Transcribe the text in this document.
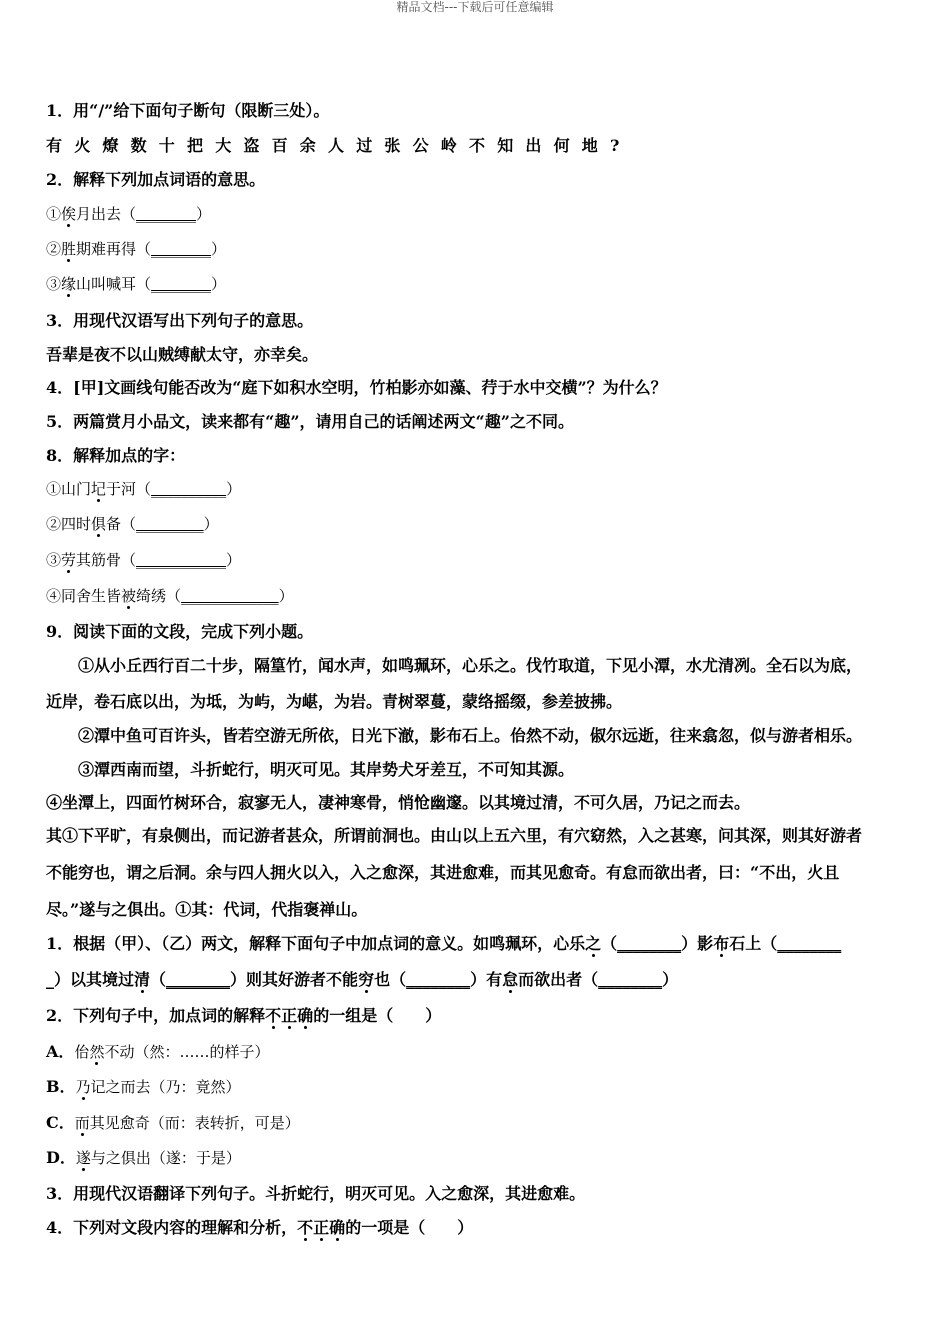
精品文档---下载后可任意编辑
1．用“/”给下面句子断句（限断三处）。
有火燎数十把大盗百余人过张公岭不知出何地?
2．解释下列加点词语的意思。
①俟月出去（________）
②胜期难再得（________）
③缘山叫喊耳（________）
3．用现代汉语写出下列句子的意思。
吾辈是夜不以山贼缚献太守，亦幸矣。
4．[甲]文画线句能否改为“庭下如积水空明，竹柏影亦如藻、荇于水中交横”？为什么？
5．两篇赏月小品文，读来都有“趣”，请用自己的话阐述两文“趣”之不同。
8．解释加点的字：
①山门圮于河（__________）
②四时俱备（_________）
③劳其筋骨（____________）
④同舍生皆被绮绣（_____________）
9．阅读下面的文段，完成下列小题。
①从小丘西行百二十步，隔篁竹，闻水声，如鸣珮环，心乐之。伐竹取道，下见小潭，水尤清冽。全石以为底，
近岸，卷石底以出，为坻，为屿，为嵁，为岩。青树翠蔓，蒙络摇缀，参差披拂。
②潭中鱼可百许头，皆若空游无所依，日光下澈，影布石上。佁然不动，俶尔远逝，往来翕忽，似与游者相乐。
③潭西南而望，斗折蛇行，明灭可见。其岸势犬牙差互，不可知其源。
④坐潭上，四面竹树环合，寂寥无人，凄神寒骨，悄怆幽邃。以其境过清，不可久居，乃记之而去。
其①下平旷，有泉侧出，而记游者甚众，所谓前洞也。由山以上五六里，有穴窈然，入之甚寒，问其深，则其好游者
不能穷也，谓之后洞。余与四人拥火以入，入之愈深，其进愈难，而其见愈奇。有怠而欲出者，曰：“不出，火且
尽。”遂与之俱出。①其：代词，代指褒禅山。
1．根据（甲）、（乙）两文，解释下面句子中加点词的意义。如鸣珮环，心乐之（________）影布石上（________
_）以其境过清（________）则其好游者不能穷也（________）有怠而欲出者（________）
2．下列句子中，加点词的解释不正确的一组是（　　）
A．佁然不动（然：……的样子）
B．乃记之而去（乃：竟然）
C．而其见愈奇（而：表转折，可是）
D．遂与之俱出（遂：于是）
3．用现代汉语翻译下列句子。斗折蛇行，明灭可见。入之愈深，其进愈难。
4．下列对文段内容的理解和分析，不正确的一项是（　　）
